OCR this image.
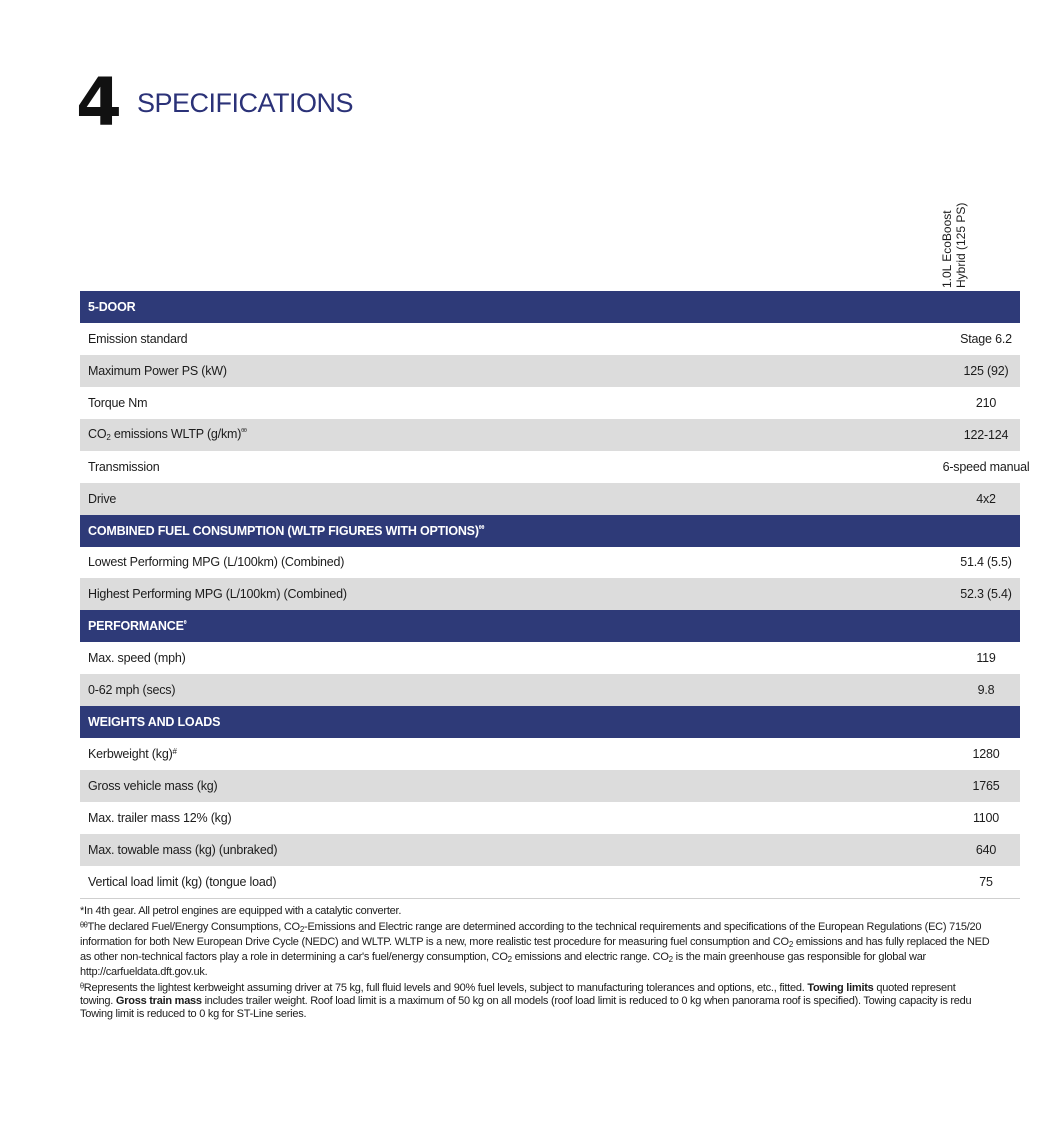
4 SPECIFICATIONS
1.0L EcoBoost Hybrid (125 PS)
5-DOOR
Emission standard	Stage 6.2
Maximum Power PS (kW)	125 (92)
Torque Nm	210
$CO_2$ emissions WLTP $(g/km)^{ᶿᶿ}$	122-124
Transmission	6-speed manual
Drive	4x2
COMBINED FUEL CONSUMPTION (WLTP FIGURES WITH OPTIONS)$^{ᶿᶿ}$
Lowest Performing MPG (L/100km) (Combined)	51.4 (5.5)
Highest Performing MPG (L/100km) (Combined)	52.3 (5.4)
$PERFORMANCE^ᶿ$
Max. speed (mph)	119
0-62 mph (secs)	9.8
WEIGHTS AND LOADS
Kerbweight (kg)#	1280
Gross vehicle mass (kg)	1765
Max. trailer mass 12% (kg)	1100
Max. towable mass (kg) (unbraked)	640
Vertical load limit (kg) (tongue load)	75

*In 4th gear. All petrol engines are equipped with a catalytic converter.

ᶿᶿThe declared Fuel/Energy Consumptions, $CO_2$-Emissions and Electric range are determined according to the technical requirements and specifications of the European Regulations (EC) 715/20

information for both New European Drive Cycle (NEDC) and WLTP. WLTP is a new, more realistic test procedure for measuring fuel consumption and $CO_2$ emissions and has fully replaced the NED

as other non-technical factors play a role in determining a car's fuel/energy consumption, $CO_2$ emissions and electric range. $CO_2$ is the main greenhouse gas responsible for global war

http://carfueldata.dft.gov.uk.

ᶿRepresents the lightest kerbweight assuming driver at 75 kg, full fluid levels and 90% fuel levels, subject to manufacturing tolerances and options, etc., fitted. Towing limits quoted represent

towing. Gross train mass includes trailer weight. Roof load limit is a maximum of 50 kg on all models (roof load limit is reduced to 0 kg when panorama roof is specified). Towing capacity is redu

Towing limit is reduced to 0 kg for ST-Line series.
